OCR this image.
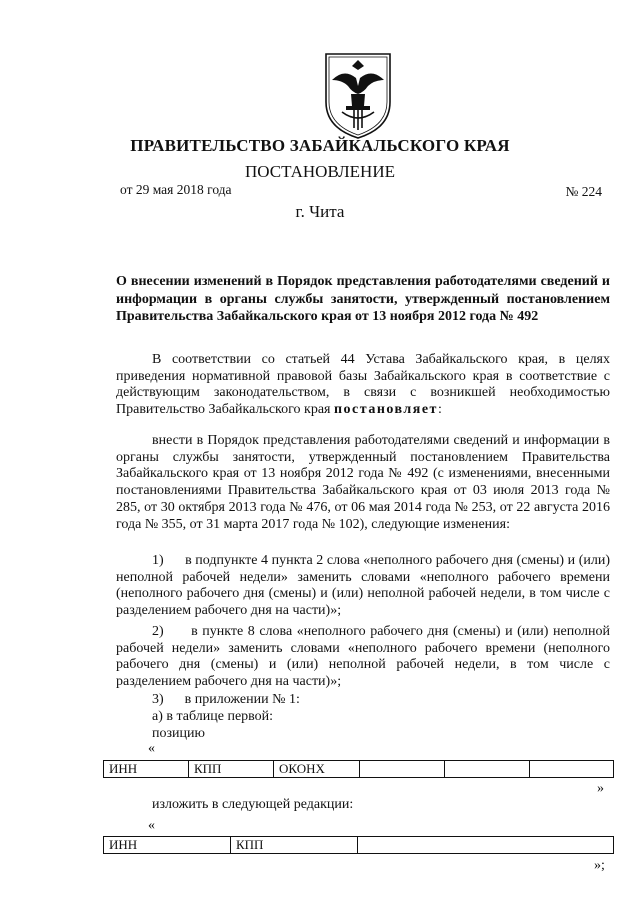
ПРАВИТЕЛЬСТВО ЗАБАЙКАЛЬСКОГО КРАЯ
ПОСТАНОВЛЕНИЕ
от 29 мая 2018 года	№ 224
г. Чита
О внесении изменений в Порядок представления работодателями сведений и информации в органы службы занятости, утвержденный постановлением Правительства Забайкальского края от 13 ноября 2012 года № 492
В соответствии со статьей 44 Устава Забайкальского края, в целях приведения нормативной правовой базы Забайкальского края в соответствие с действующим законодательством, в связи с возникшей необходимостью Правительство Забайкальского края постановляет:
внести в Порядок представления работодателями сведений и информации в органы службы занятости, утвержденный постановлением Правительства Забайкальского края от 13 ноября 2012 года № 492 (с изменениями, внесенными постановлениями Правительства Забайкальского края от 03 июля 2013 года № 285, от 30 октября 2013 года № 476, от 06 мая 2014 года № 253, от 22 августа 2016 года № 355, от 31 марта 2017 года № 102), следующие изменения:
1) в подпункте 4 пункта 2 слова «неполного рабочего дня (смены) и (или) неполной рабочей недели» заменить словами «неполного рабочего времени (неполного рабочего дня (смены) и (или) неполной рабочей недели, в том числе с разделением рабочего дня на части)»;
2) в пункте 8 слова «неполного рабочего дня (смены) и (или) неполной рабочей недели» заменить словами «неполного рабочего времени (неполного рабочего дня (смены) и (или) неполной рабочей недели, в том числе с разделением рабочего дня на части)»;
3) в приложении № 1:
а) в таблице первой:
позицию
«
ИНН	КПП	ОКОНХ			
»
изложить в следующей редакции:
«
ИНН	КПП	
»;
